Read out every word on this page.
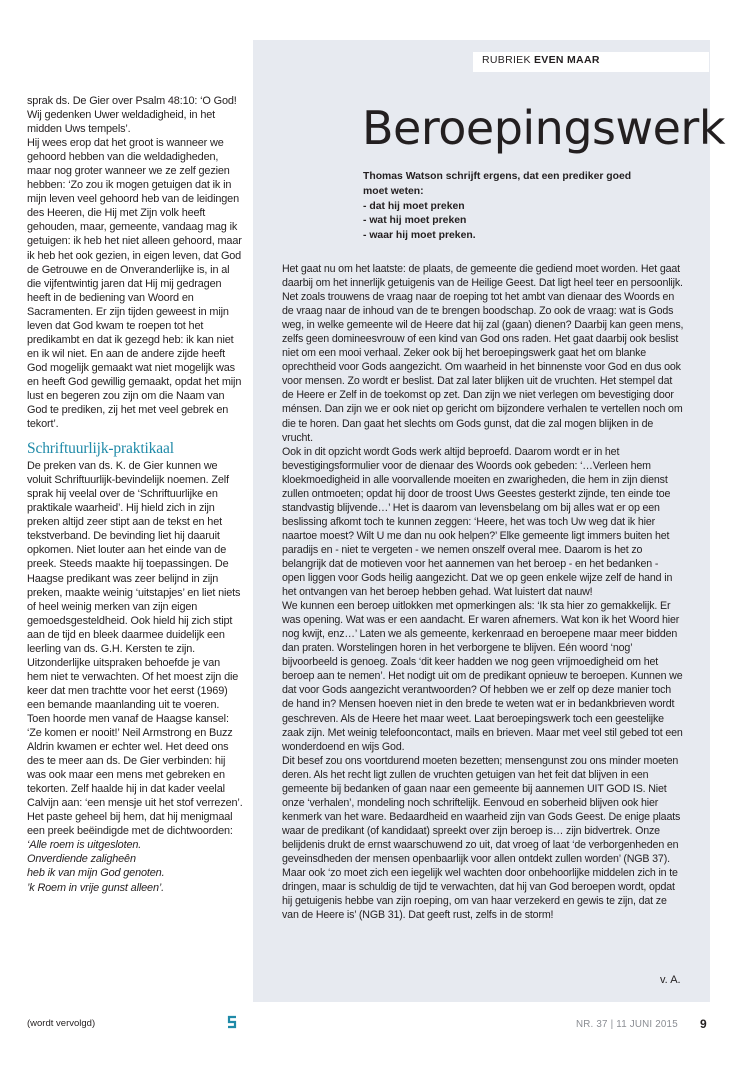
sprak ds. De Gier over Psalm 48:10: ‘O God! Wij gedenken Uwer weldadigheid, in het midden Uws tempels’.

Hij wees erop dat het groot is wanneer we gehoord hebben van die weldadigheden, maar nog groter wanneer we ze zelf gezien hebben: ‘Zo zou ik mogen getuigen dat ik in mijn leven veel gehoord heb van de leidingen des Heeren, die Hij met Zijn volk heeft gehouden, maar, gemeente, vandaag mag ik getuigen: ik heb het niet alleen gehoord, maar ik heb het ook gezien, in eigen leven, dat God de Getrouwe en de Onveranderlijke is, in al die vijfentwintig jaren dat Hij mij gedragen heeft in de bediening van Woord en Sacramenten. Er zijn tijden geweest in mijn leven dat God kwam te roepen tot het predikambt en dat ik gezegd heb: ik kan niet en ik wil niet. En aan de andere zijde heeft God mogelijk gemaakt wat niet mogelijk was en heeft God gewillig gemaakt, opdat het mijn lust en begeren zou zijn om die Naam van God te prediken, zij het met veel gebrek en tekort’.

Schriftuurlijk-praktikaal

De preken van ds. K. de Gier kunnen we voluit Schriftuurlijk-bevindelijk noemen. Zelf sprak hij veelal over de ‘Schriftuurlijke en praktikale waarheid’. Hij hield zich in zijn preken altijd zeer stipt aan de tekst en het tekstverband. De bevinding liet hij daaruit opkomen. Niet louter aan het einde van de preek. Steeds maakte hij toepassingen. De Haagse predikant was zeer belijnd in zijn preken, maakte weinig ‘uitstapjes’ en liet niets of heel weinig merken van zijn eigen gemoedsgesteldheid. Ook hield hij zich stipt aan de tijd en bleek daarmee duidelijk een leerling van ds. G.H. Kersten te zijn.

Uitzonderlijke uitspraken behoefde je van hem niet te verwachten. Of het moest zijn die keer dat men trachtte voor het eerst (1969) een bemande maanlanding uit te voeren. Toen hoorde men vanaf de Haagse kansel: ‘Ze komen er nooit!’ Neil Armstrong en Buzz Aldrin kwamen er echter wel. Het deed ons des te meer aan ds. De Gier verbinden: hij was ook maar een mens met gebreken en tekorten. Zelf haalde hij in dat kader veelal Calvijn aan: ‘een mensje uit het stof verrezen’. Het paste geheel bij hem, dat hij menigmaal een preek beëindigde met de dichtwoorden:

‘Alle roem is uitgesloten.

Onverdiende zaligheên

heb ik van mijn God genoten.

’k Roem in vrije gunst alleen’.

(wordt vervolgd)
RUBRIEK EVEN MAAR
Beroepingswerk
Thomas Watson schrijft ergens, dat een prediker goed
moet weten:
- dat hij moet preken
- wat hij moet preken
- waar hij moet preken.

Het gaat nu om het laatste: de plaats, de gemeente die gediend moet worden. Het gaat daarbij om het innerlijk getuigenis van de Heilige Geest. Dat ligt heel teer en persoonlijk. Net zoals trouwens de vraag naar de roeping tot het ambt van dienaar des Woords en de vraag naar de inhoud van de te brengen boodschap. Zo ook de vraag: wat is Gods weg, in welke gemeente wil de Heere dat hij zal (gaan) dienen? Daarbij kan geen mens, zelfs geen domineesvrouw of een kind van God ons raden. Het gaat daarbij ook beslist niet om een mooi verhaal. Zeker ook bij het beroepingswerk gaat het om blanke oprechtheid voor Gods aangezicht. Om waarheid in het binnenste voor God en dus ook voor mensen. Zo wordt er beslist. Dat zal later blijken uit de vruchten. Het stempel dat de Heere er Zelf in de toekomst op zet. Dan zijn we niet verlegen om bevestiging door ménsen. Dan zijn we er ook niet op gericht om bijzondere verhalen te vertellen noch om die te horen. Dan gaat het slechts om Gods gunst, dat die zal mogen blijken in de vrucht.

Ook in dit opzicht wordt Gods werk altijd beproefd. Daarom wordt er in het bevestigingsformulier voor de dienaar des Woords ook gebeden: ‘…Verleen hem kloekmoedigheid in alle voorvallende moeiten en zwarigheden, die hem in zijn dienst zullen ontmoeten; opdat hij door de troost Uws Geestes gesterkt zijnde, ten einde toe standvastig blijvende…’ Het is daarom van levensbelang om bij alles wat er op een beslissing afkomt toch te kunnen zeggen: ‘Heere, het was toch Uw weg dat ik hier naartoe moest? Wilt U me dan nu ook helpen?’ Elke gemeente ligt immers buiten het paradijs en - niet te vergeten - we nemen onszelf overal mee. Daarom is het zo belangrijk dat de motieven voor het aannemen van het beroep - en het bedanken - open liggen voor Gods heilig aangezicht. Dat we op geen enkele wijze zelf de hand in het ontvangen van het beroep hebben gehad. Wat luistert dat nauw!

We kunnen een beroep uitlokken met opmerkingen als: ‘Ik sta hier zo gemakkelijk. Er was opening. Wat was er een aandacht. Er waren afnemers. Wat kon ik het Woord hier nog kwijt, enz…’ Laten we als gemeente, kerkenraad en beroepene maar meer bidden dan praten. Worstelingen horen in het verborgene te blijven. Eén woord ‘nog’ bijvoorbeeld is genoeg. Zoals ‘dit keer hadden we nog geen vrijmoedigheid om het beroep aan te nemen’. Het nodigt uit om de predikant opnieuw te beroepen. Kunnen we dat voor Gods aangezicht verantwoorden? Of hebben we er zelf op deze manier toch de hand in? Mensen hoeven niet in den brede te weten wat er in bedankbrieven wordt geschreven. Als de Heere het maar weet. Laat beroepingswerk toch een geestelijke zaak zijn. Met weinig telefooncontact, mails en brieven. Maar met veel stil gebed tot een wonderdoend en wijs God.

Dit besef zou ons voortdurend moeten bezetten; mensengunst zou ons minder moeten deren. Als het recht ligt zullen de vruchten getuigen van het feit dat blijven in een gemeente bij bedanken of gaan naar een gemeente bij aannemen UIT GOD IS. Niet onze ‘verhalen’, mondeling noch schriftelijk. Eenvoud en soberheid blijven ook hier kenmerk van het ware. Bedaardheid en waarheid zijn van Gods Geest. De enige plaats waar de predikant (of kandidaat) spreekt over zijn beroep is… zijn bidvertrek. Onze belijdenis drukt de ernst waarschuwend zo uit, dat vroeg of laat ‘de verborgenheden en geveinsdheden der mensen openbaarlijk voor allen ontdekt zullen worden’ (NGB 37). Maar ook ‘zo moet zich een iegelijk wel wachten door onbehoorlijke middelen zich in te dringen, maar is schuldig de tijd te verwachten, dat hij van God beroepen wordt, opdat hij getuigenis hebbe van zijn roeping, om van haar verzekerd en gewis te zijn, dat ze van de Heere is’ (NGB 31). Dat geeft rust, zelfs in de storm!

v. A.
NR. 37 | 11 JUNI 2015 9
